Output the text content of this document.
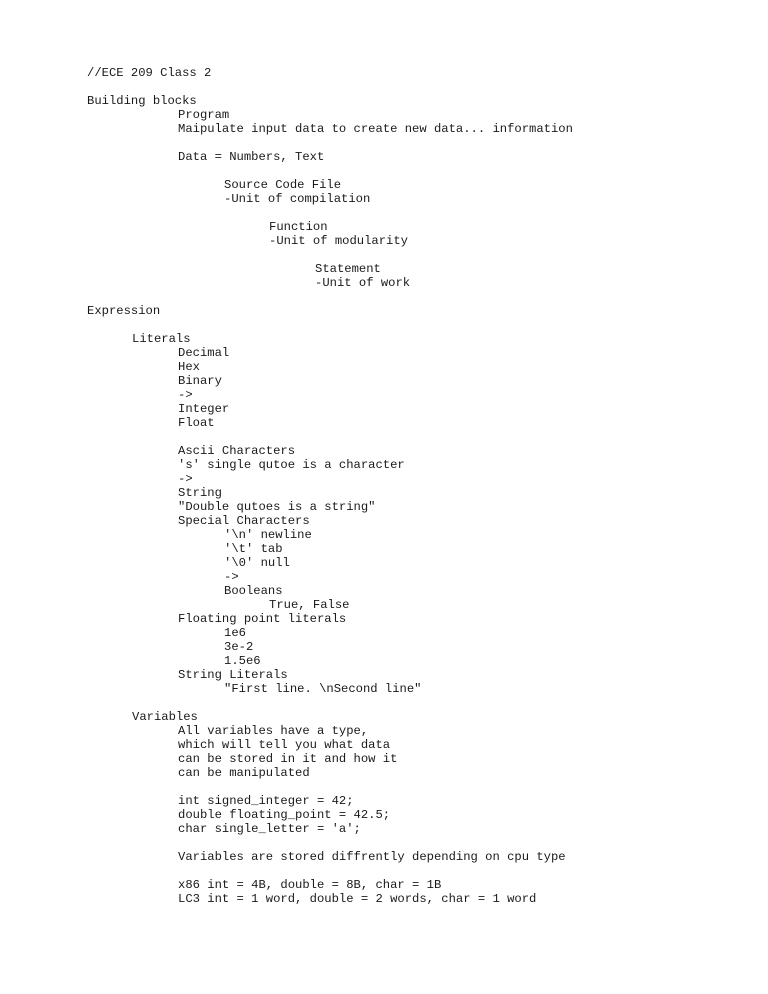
//ECE 209 Class 2
Building blocks
Program
Maipulate input data to create new data... information
Data = Numbers, Text
Source Code File
-Unit of compilation
Function
-Unit of modularity
Statement
-Unit of work
Expression
Literals
Decimal
Hex
Binary
->
Integer
Float
Ascii Characters
's' single qutoe is a character
->
String
"Double qutoes is a string"
Special Characters
'\n' newline
'\t' tab
'\0' null
->
Booleans
True, False
Floating point literals
1e6
3e-2
1.5e6
String Literals
"First line. \nSecond line"
Variables
All variables have a type,
which will tell you what data
can be stored in it and how it
can be manipulated
int signed_integer = 42;
double floating_point = 42.5;
char single_letter = 'a';
Variables are stored diffrently depending on cpu type
x86 int = 4B, double = 8B, char = 1B
LC3 int = 1 word, double = 2 words, char = 1 word
